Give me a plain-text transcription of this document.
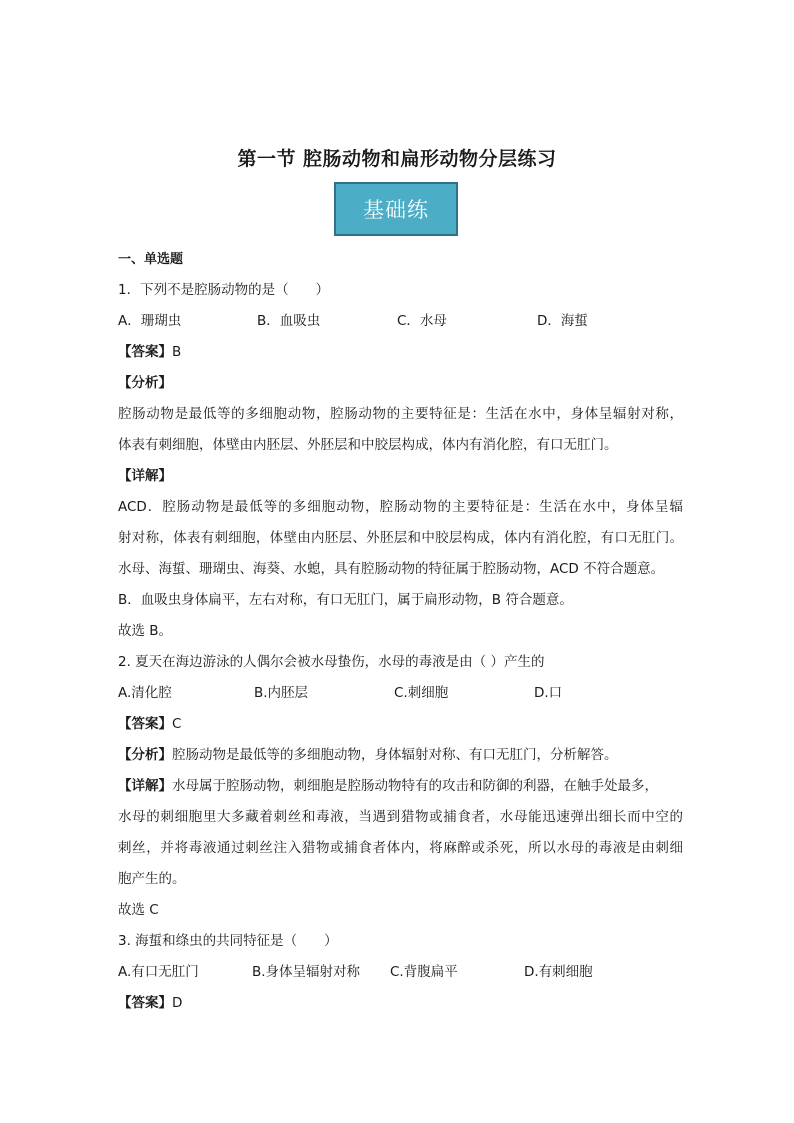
第一节 腔肠动物和扁形动物分层练习
基础练
一、单选题
1．下列不是腔肠动物的是（　　）
A．珊瑚虫	B．血吸虫	C．水母	D．海蜇
【答案】B
【分析】
腔肠动物是最低等的多细胞动物，腔肠动物的主要特征是：生活在水中，身体呈辐射对称，
体表有刺细胞，体壁由内胚层、外胚层和中胶层构成，体内有消化腔，有口无肛门。
【详解】
ACD．腔肠动物是最低等的多细胞动物，腔肠动物的主要特征是：生活在水中，身体呈辐
射对称，体表有刺细胞，体壁由内胚层、外胚层和中胶层构成，体内有消化腔，有口无肛门。
水母、海蜇、珊瑚虫、海葵、水螅，具有腔肠动物的特征属于腔肠动物，ACD 不符合题意。
B．血吸虫身体扁平，左右对称，有口无肛门，属于扁形动物，B 符合题意。
故选 B。
2. 夏天在海边游泳的人偶尔会被水母蛰伤，水母的毒液是由（ ）产生的
A.清化腔	B.内胚层	C.刺细胞	D.口
【答案】C
【分析】腔肠动物是最低等的多细胞动物，身体辐射对称、有口无肛门，分析解答。
【详解】水母属于腔肠动物，刺细胞是腔肠动物特有的攻击和防御的利器，在触手处最多，
水母的刺细胞里大多藏着刺丝和毒液，当遇到猎物或捕食者，水母能迅速弹出细长而中空的
刺丝，并将毒液通过刺丝注入猎物或捕食者体内，将麻醉或杀死，所以水母的毒液是由刺细
胞产生的。
故选 C
3. 海蜇和绦虫的共同特征是（　　）
A.有口无肛门	B.身体呈辐射对称	C.背腹扁平	D.有刺细胞
【答案】D
